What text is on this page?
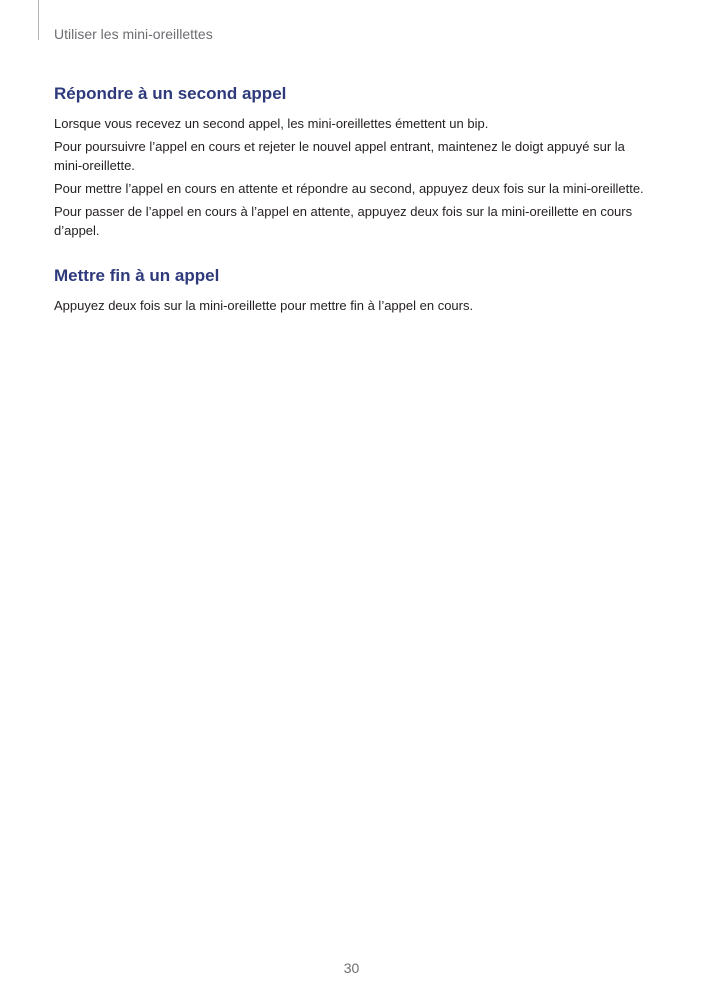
Utiliser les mini-oreillettes
Répondre à un second appel

Lorsque vous recevez un second appel, les mini-oreillettes émettent un bip.

Pour poursuivre l’appel en cours et rejeter le nouvel appel entrant, maintenez le doigt appuyé sur la mini-oreillette.

Pour mettre l’appel en cours en attente et répondre au second, appuyez deux fois sur la mini-oreillette.

Pour passer de l’appel en cours à l’appel en attente, appuyez deux fois sur la mini-oreillette en cours d’appel.

Mettre fin à un appel

Appuyez deux fois sur la mini-oreillette pour mettre fin à l’appel en cours.

30
